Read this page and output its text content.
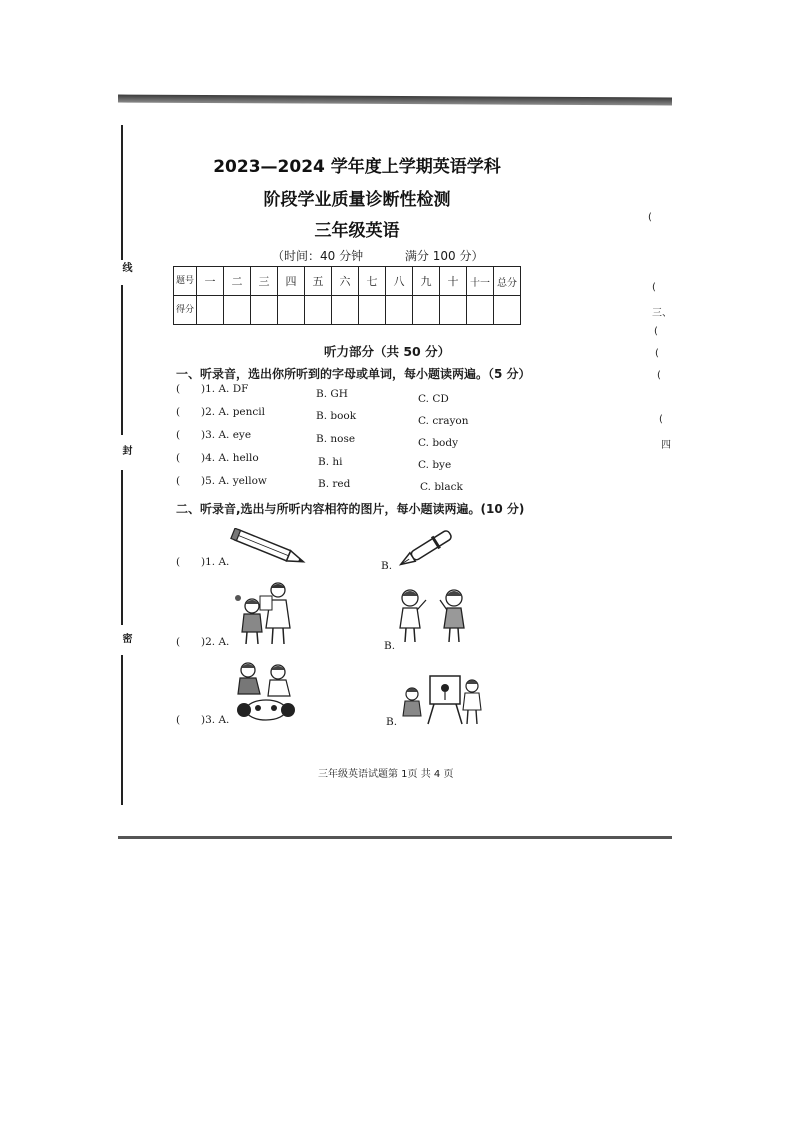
线
封
密
(
(
三、
(
(
(
(
四
2023—2024 学年度上学期英语学科
阶段学业质量诊断性检测
三年级英语
（时间：40 分钟	满分 100 分）
题号	一	二	三	四	五	六	七	八	九	十	十一	总分
得分												
听力部分（共 50 分）
一、听录音，选出你所听到的字母或单词，每小题读两遍。（5 分）
( )1. A. DF	B. GH	C. CD
( )2. A. pencil	B. book	C. crayon
( )3. A. eye	B. nose	C. body
( )4. A. hello	B. hi	C. bye
( )5. A. yellow	B. red	C. black
二、听录音,选出与所听内容相符的图片，每小题读两遍。(10 分)
( )1. A.	B.
( )2. A.	B.
( )3. A.	B.
三年级英语试题第 1页 共 4 页
